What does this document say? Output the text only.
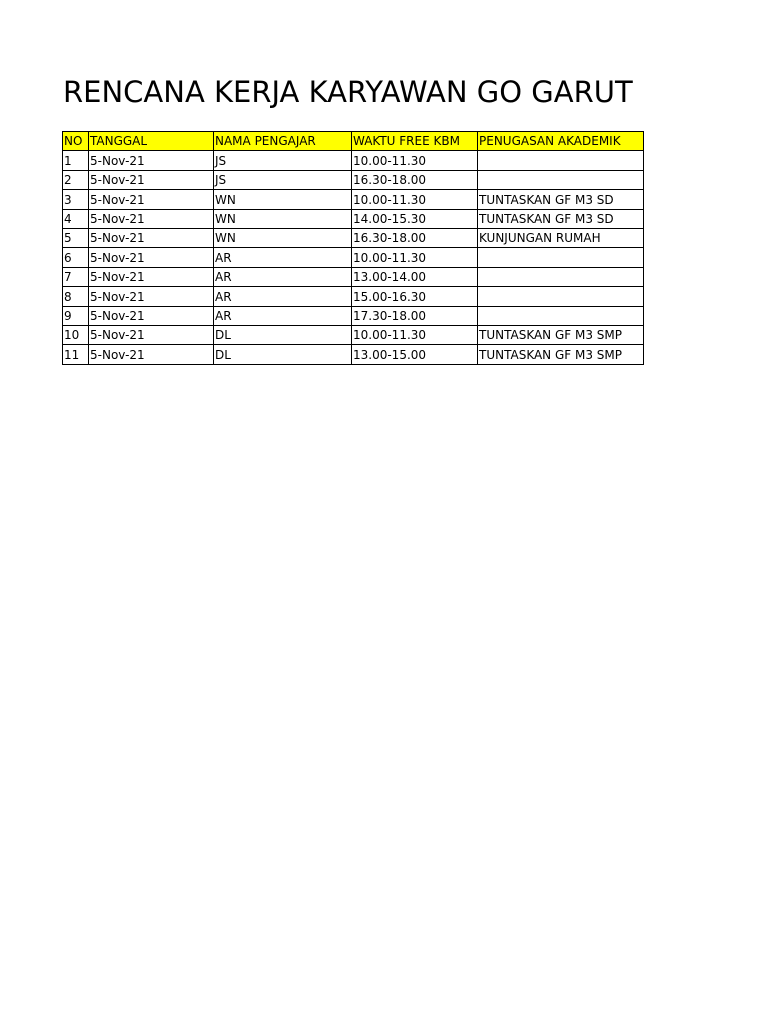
RENCANA KERJA KARYAWAN GO GARUT
NO	TANGGAL	NAMA PENGAJAR	WAKTU FREE KBM	PENUGASAN AKADEMIK
1	5-Nov-21	JS	10.00-11.30	
2	5-Nov-21	JS	16.30-18.00	
3	5-Nov-21	WN	10.00-11.30	TUNTASKAN GF M3 SD
4	5-Nov-21	WN	14.00-15.30	TUNTASKAN GF M3 SD
5	5-Nov-21	WN	16.30-18.00	KUNJUNGAN RUMAH
6	5-Nov-21	AR	10.00-11.30	
7	5-Nov-21	AR	13.00-14.00	
8	5-Nov-21	AR	15.00-16.30	
9	5-Nov-21	AR	17.30-18.00	
10	5-Nov-21	DL	10.00-11.30	TUNTASKAN GF M3 SMP
11	5-Nov-21	DL	13.00-15.00	TUNTASKAN GF M3 SMP
